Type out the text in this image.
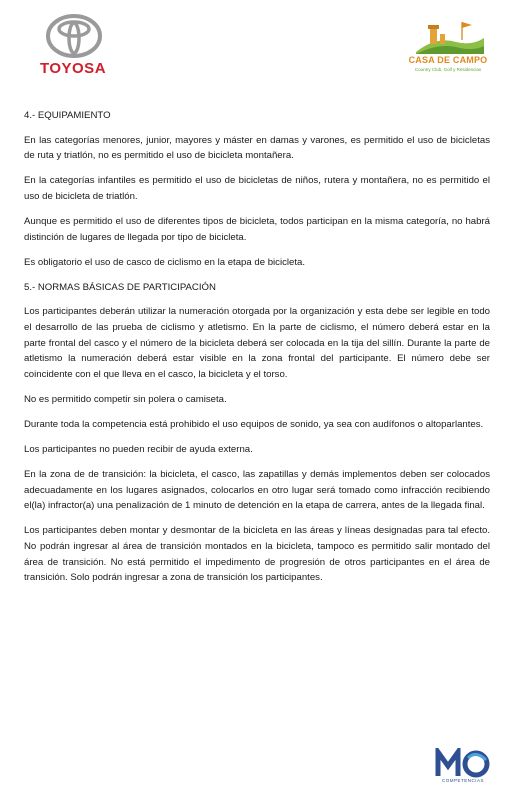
TOYOSA	CASA DE CAMPO
Country Club, Golf y Residencias
4.- EQUIPAMIENTO

En las categorías menores, junior, mayores y máster en damas y varones, es permitido el uso de bicicletas de ruta y triatlón, no es permitido el uso de bicicleta montañera.

En la categorías infantiles es permitido el uso de bicicletas de niños, rutera y montañera, no es permitido el uso de bicicleta de triatlón.

Aunque es permitido el uso de diferentes tipos de bicicleta, todos participan en la misma categoría, no habrá distinción de lugares de llegada por tipo de bicicleta.

Es obligatorio el uso de casco de ciclismo en la etapa de bicicleta.

5.- NORMAS BÁSICAS DE PARTICIPACIÓN

Los participantes deberán utilizar la numeración otorgada por la organización y esta debe ser legible en todo el desarrollo de las prueba de ciclismo y atletismo. En la parte de ciclismo, el número deberá estar en la parte frontal del casco y el número de la bicicleta deberá ser colocada en la tija del sillín. Durante la parte de atletismo la numeración deberá estar visible en la zona frontal del participante. El número debe ser coincidente con el que lleva en el casco, la bicicleta y el torso.

No es permitido competir sin polera o camiseta.

Durante toda la competencia está prohibido el uso equipos de sonido, ya sea con audífonos o altoparlantes.

Los participantes no pueden recibir de ayuda externa.

En la zona de de transición: la bicicleta, el casco, las zapatillas y demás implementos deben ser colocados adecuadamente en los lugares asignados, colocarlos en otro lugar será tomado como infracción recibiendo el(la) infractor(a) una penalización de 1 minuto de detención en la etapa de carrera, antes de la llegada final.

Los participantes deben montar y desmontar de la bicicleta en las áreas y líneas designadas para tal efecto. No podrán ingresar al área de transición montados en la bicicleta, tampoco es permitido salir montado del área de transición. No está permitido el impedimento de progresión de otros participantes en el área de transición. Solo podrán ingresar a zona de transición los participantes.

COMPETENCIAS
